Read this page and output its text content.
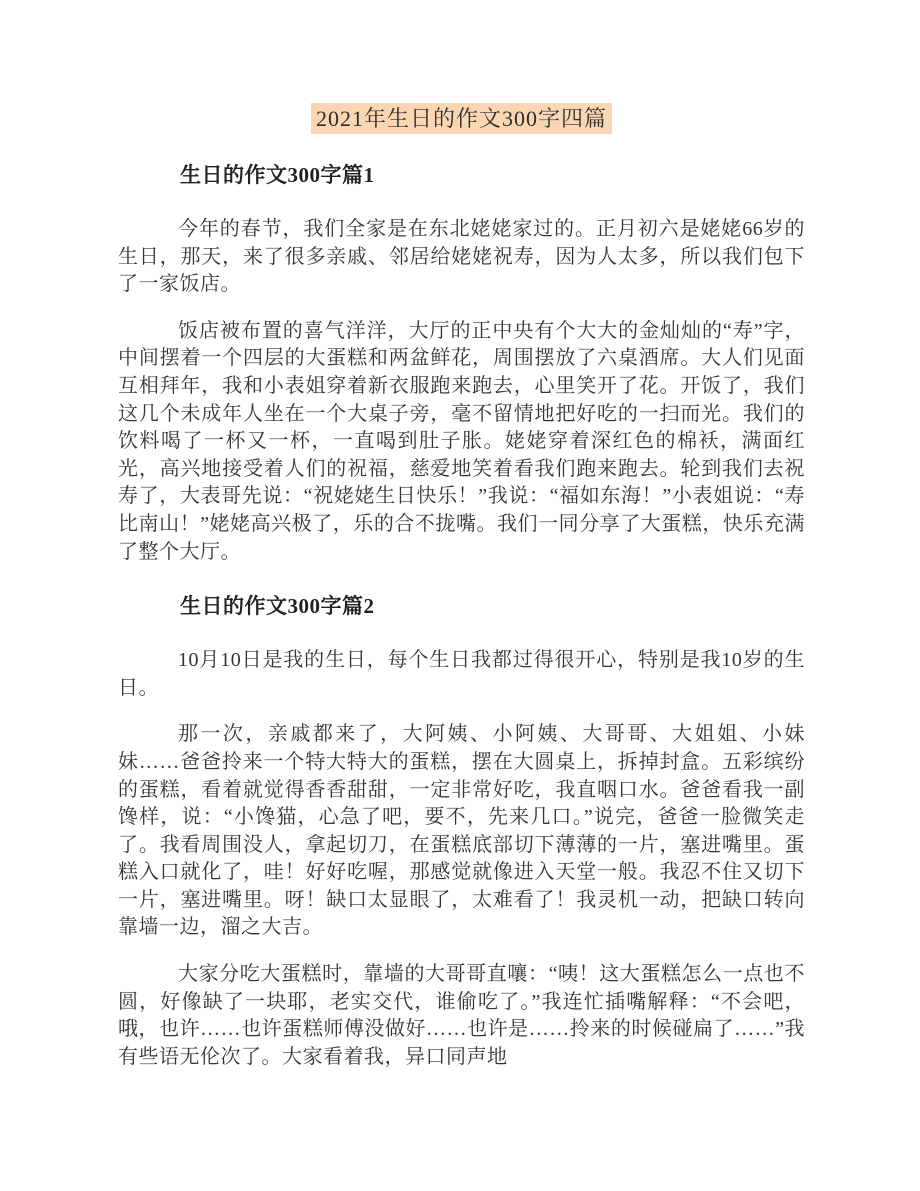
2021年生日的作文300字四篇
生日的作文300字篇1

今年的春节，我们全家是在东北姥姥家过的。正月初六是姥姥66岁的生日，那天，来了很多亲戚、邻居给姥姥祝寿，因为人太多，所以我们包下了一家饭店。

饭店被布置的喜气洋洋，大厅的正中央有个大大的金灿灿的“寿”字，中间摆着一个四层的大蛋糕和两盆鲜花，周围摆放了六桌酒席。大人们见面互相拜年，我和小表姐穿着新衣服跑来跑去，心里笑开了花。开饭了，我们这几个未成年人坐在一个大桌子旁，毫不留情地把好吃的一扫而光。我们的饮料喝了一杯又一杯，一直喝到肚子胀。姥姥穿着深红色的棉袄，满面红光，高兴地接受着人们的祝福，慈爱地笑着看我们跑来跑去。轮到我们去祝寿了，大表哥先说：“祝姥姥生日快乐！”我说：“福如东海！”小表姐说：“寿比南山！”姥姥高兴极了，乐的合不拢嘴。我们一同分享了大蛋糕，快乐充满了整个大厅。

生日的作文300字篇2

10月10日是我的生日，每个生日我都过得很开心，特别是我10岁的生日。

那一次，亲戚都来了，大阿姨、小阿姨、大哥哥、大姐姐、小妹妹……爸爸拎来一个特大特大的蛋糕，摆在大圆桌上，拆掉封盒。五彩缤纷的蛋糕，看着就觉得香香甜甜，一定非常好吃，我直咽口水。爸爸看我一副馋样，说：“小馋猫，心急了吧，要不，先来几口。”说完，爸爸一脸微笑走了。我看周围没人，拿起切刀，在蛋糕底部切下薄薄的一片，塞进嘴里。蛋糕入口就化了，哇！好好吃喔，那感觉就像进入天堂一般。我忍不住又切下一片，塞进嘴里。呀！缺口太显眼了，太难看了！我灵机一动，把缺口转向靠墙一边，溜之大吉。

大家分吃大蛋糕时，靠墙的大哥哥直嚷：“咦！这大蛋糕怎么一点也不圆，好像缺了一块耶，老实交代，谁偷吃了。”我连忙插嘴解释：“不会吧，哦，也许……也许蛋糕师傅没做好……也许是……拎来的时候碰扁了……”我有些语无伦次了。大家看着我，异口同声地
